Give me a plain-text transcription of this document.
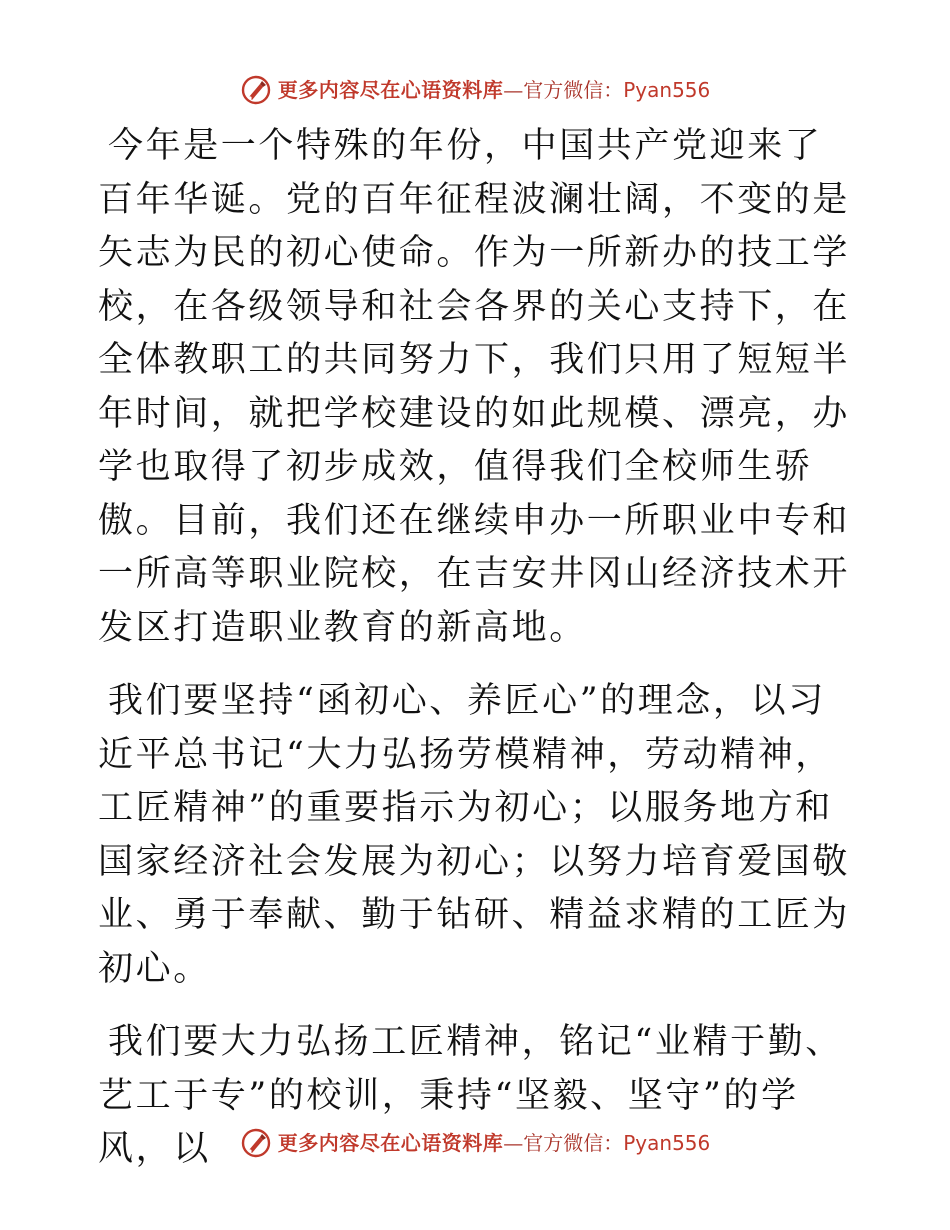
更多内容尽在心语资料库 — 官方微信： Pyan556

今年是一个特殊的年份，中国共产党迎来了百年华诞。党的百年征程波澜壮阔，不变的是矢志为民的初心使命。作为一所新办的技工学校，在各级领导和社会各界的关心支持下，在全体教职工的共同努力下，我们只用了短短半年时间，就把学校建设的如此规模、漂亮，办学也取得了初步成效，值得我们全校师生骄傲。目前，我们还在继续申办一所职业中专和一所高等职业院校，在吉安井冈山经济技术开发区打造职业教育的新高地。

我们要坚持“函初心、养匠心”的理念，以习近平总书记“大力弘扬劳模精神，劳动精神，工匠精神”的重要指示为初心；以服务地方和国家经济社会发展为初心；以努力培育爱国敬业、勇于奉献、勤于钻研、精益求精的工匠为初心。

我们要大力弘扬工匠精神，铭记“业精于勤、艺工于专”的校训，秉持“坚毅、坚守”的学风，以	更多内容尽在心语资料库 — 官方微信： Pyan556
